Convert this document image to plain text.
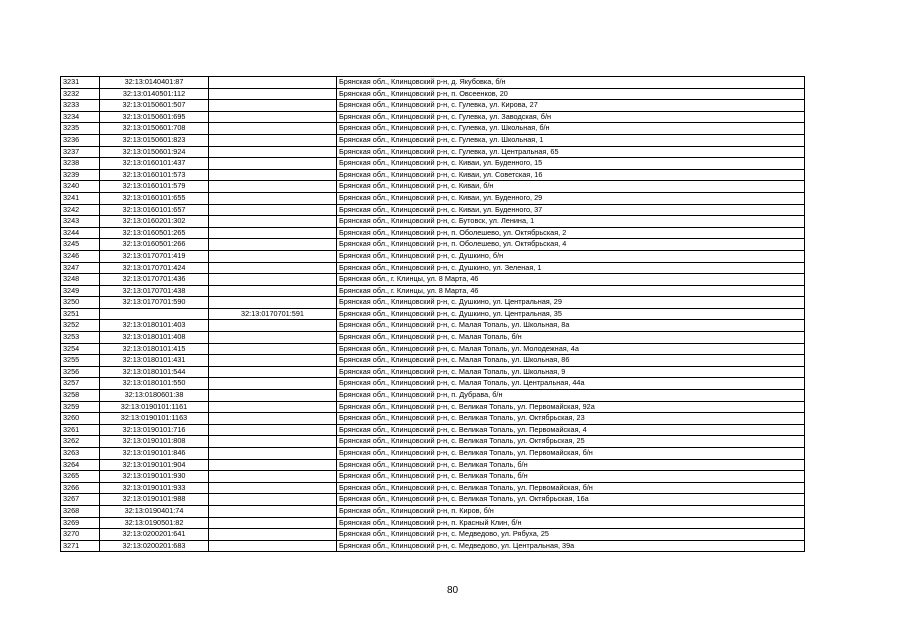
3231	32:13:0140401:87		Брянская обл., Клинцовский р-н, д. Якубовка, б/н
3232	32:13:0140501:112		Брянская обл., Клинцовский р-н, п. Овсеенков, 20
3233	32:13:0150601:507		Брянская обл., Клинцовский р-н, с. Гулевка, ул. Кирова, 27
3234	32:13:0150601:695		Брянская обл., Клинцовский р-н, с. Гулевка, ул. Заводская, б/н
3235	32:13:0150601:708		Брянская обл., Клинцовский р-н, с. Гулевка, ул. Школьная, б/н
3236	32:13:0150601:823		Брянская обл., Клинцовский р-н, с. Гулевка, ул. Школьная, 1
3237	32:13:0150601:924		Брянская обл., Клинцовский р-н, с. Гулевка, ул. Центральная, 65
3238	32:13:0160101:437		Брянская обл., Клинцовский р-н, с. Киваи, ул. Буденного, 15
3239	32:13:0160101:573		Брянская обл., Клинцовский р-н, с. Киваи, ул. Советская, 16
3240	32:13:0160101:579		Брянская обл., Клинцовский р-н, с. Киваи, б/н
3241	32:13:0160101:655		Брянская обл., Клинцовский р-н, с. Киваи, ул. Буденного, 29
3242	32:13:0160101:657		Брянская обл., Клинцовский р-н, с. Киваи, ул. Буденного, 37
3243	32:13:0160201:302		Брянская обл., Клинцовский р-н, с. Бутовск, ул. Ленина, 1
3244	32:13:0160501:265		Брянская обл., Клинцовский р-н, п. Оболешево, ул. Октябрьская, 2
3245	32:13:0160501:266		Брянская обл., Клинцовский р-н, п. Оболешево, ул. Октябрьская, 4
3246	32:13:0170701:419		Брянская обл., Клинцовский р-н, с. Душкино, б/н
3247	32:13:0170701:424		Брянская обл., Клинцовский р-н, с. Душкино, ул. Зеленая, 1
3248	32:13:0170701:436		Брянская обл., г. Клинцы, ул. 8 Марта, 46
3249	32:13:0170701:438		Брянская обл., г. Клинцы, ул. 8 Марта, 46
3250	32:13:0170701:590		Брянская обл., Клинцовский р-н, с. Душкино, ул. Центральная, 29
3251		32:13:0170701:591	Брянская обл., Клинцовский р-н, с. Душкино, ул. Центральная, 35
3252	32:13:0180101:403		Брянская обл., Клинцовский р-н, с. Малая Топаль, ул. Школьная, 8а
3253	32:13:0180101:408		Брянская обл., Клинцовский р-н, с. Малая Топаль, б/н
3254	32:13:0180101:415		Брянская обл., Клинцовский р-н, с. Малая Топаль, ул. Молодежная, 4а
3255	32:13:0180101:431		Брянская обл., Клинцовский р-н, с. Малая Топаль, ул. Школьная, 86
3256	32:13:0180101:544		Брянская обл., Клинцовский р-н, с. Малая Топаль, ул. Школьная, 9
3257	32:13:0180101:550		Брянская обл., Клинцовский р-н, с. Малая Топаль, ул. Центральная, 44а
3258	32:13:0180601:38		Брянская обл., Клинцовский р-н, п. Дубрава, б/н
3259	32:13:0190101:1161		Брянская обл., Клинцовский р-н, с. Великая Топаль, ул. Первомайская, 92а
3260	32:13:0190101:1163		Брянская обл., Клинцовский р-н, с. Великая Топаль, ул. Октябрьская, 23
3261	32:13:0190101:716		Брянская обл., Клинцовский р-н, с. Великая Топаль, ул. Первомайская, 4
3262	32:13:0190101:808		Брянская обл., Клинцовский р-н, с. Великая Топаль, ул. Октябрьская, 25
3263	32:13:0190101:846		Брянская обл., Клинцовский р-н, с. Великая Топаль, ул. Первомайская, б/н
3264	32:13:0190101:904		Брянская обл., Клинцовский р-н, с. Великая Топаль, б/н
3265	32:13:0190101:930		Брянская обл., Клинцовский р-н, с. Великая Топаль, б/н
3266	32:13:0190101:933		Брянская обл., Клинцовский р-н, с. Великая Топаль, ул. Первомайская, б/н
3267	32:13:0190101:988		Брянская обл., Клинцовский р-н, с. Великая Топаль, ул. Октябрьская, 16а
3268	32:13:0190401:74		Брянская обл., Клинцовский р-н, п. Киров, б/н
3269	32:13:0190501:82		Брянская обл., Клинцовский р-н, п. Красный Клин, б/н
3270	32:13:0200201:641		Брянская обл., Клинцовский р-н, с. Медведово, ул. Рябуха, 25
3271	32:13:0200201:683		Брянская обл., Клинцовский р-н, с. Медведово, ул. Центральная, 39а
80
